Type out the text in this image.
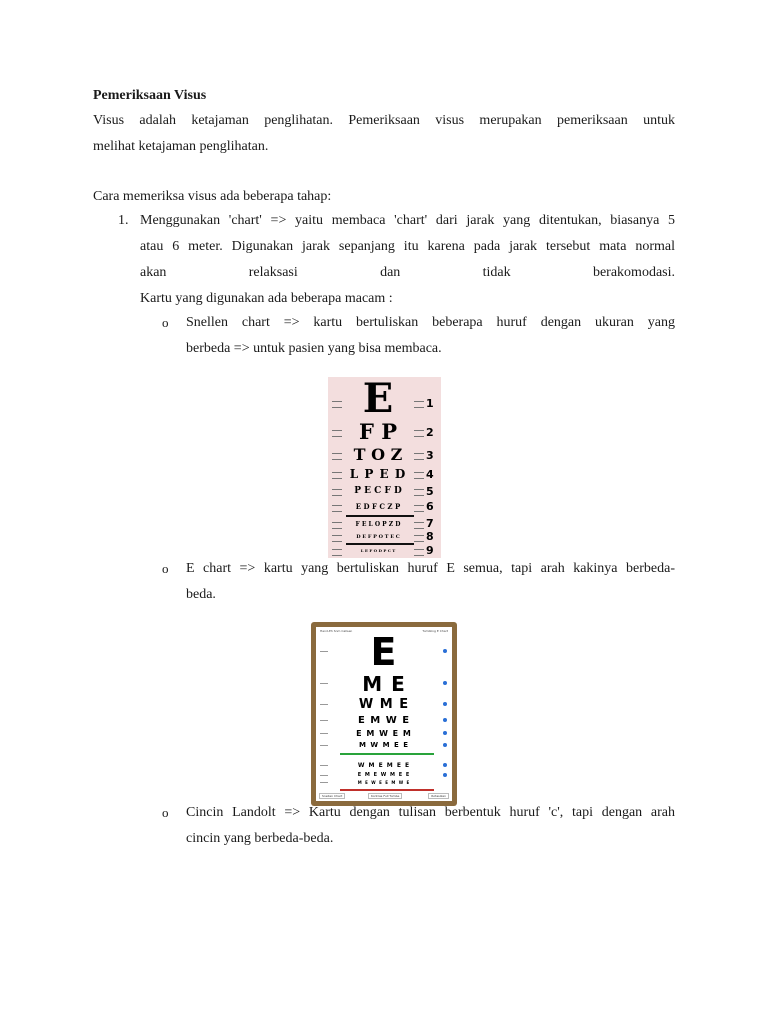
Pemeriksaan Visus
Visus adalah ketajaman penglihatan. Pemeriksaan visus merupakan pemeriksaan untuk
melihat ketajaman penglihatan.
Cara memeriksa visus ada beberapa tahap:
1. Menggunakan 'chart' => yaitu membaca 'chart' dari jarak yang ditentukan, biasanya 5
atau 6 meter. Digunakan jarak sepanjang itu karena pada jarak tersebut mata normal
akan relaksasi dan tidak berakomodasi.
Kartu yang digunakan ada beberapa macam :
o Snellen chart => kartu bertuliskan beberapa huruf dengan ukuran yang
berbeda => untuk pasien yang bisa membaca.
E	1
F P	2
T O Z	3
L P E D	4
P E C F D	5
E D F C Z P	6
F E L O P Z D	7
D E F P O T E C	8
L E F O D P C T	9
o E chart => kartu yang bertuliskan huruf E semua, tapi arah kakinya berbeda-
beda.
Hand-Eh Snm Callsen	Tumbling E Chart
E
M E
W M E
E M W E
E M W E M
M W M E E
W M E M E E
E M E W M E E
M E W E E M W E
Snellen Chart	Kontras Full Tumbe	Rotasikan
o Cincin Landolt => Kartu dengan tulisan berbentuk huruf 'c', tapi dengan arah
cincin yang berbeda-beda.
